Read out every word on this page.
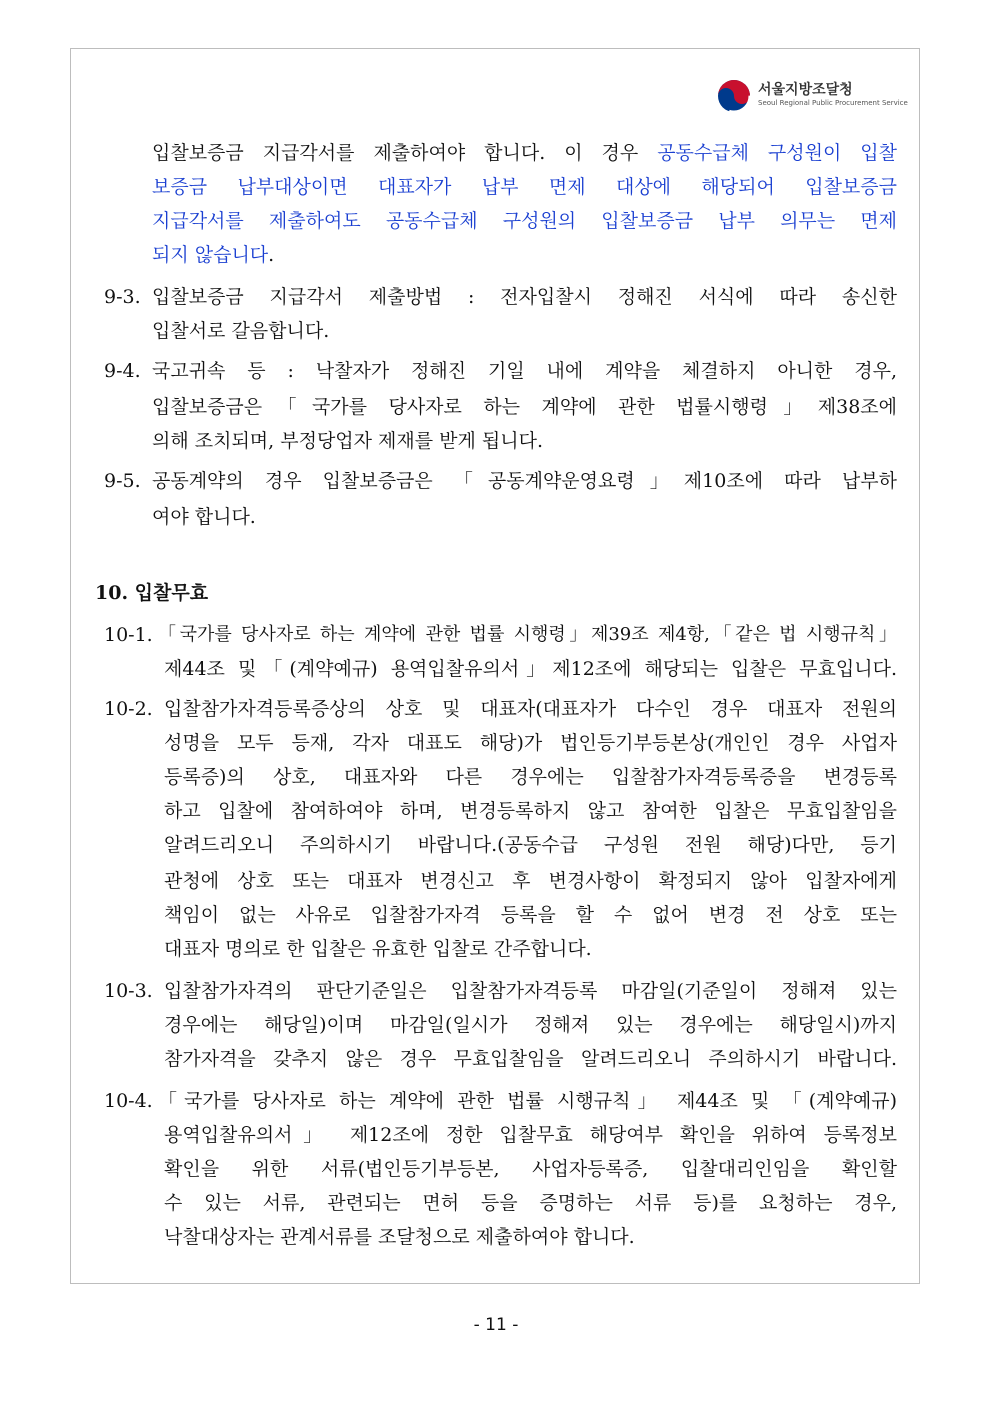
서울지방조달청
Seoul Regional Public Procurement Service
입찰보증금 지급각서를 제출하여야 합니다. 이 경우 공동수급체 구성원이 입찰
보증금 납부대상이면 대표자가 납부 면제 대상에 해당되어 입찰보증금
지급각서를 제출하여도 공동수급체 구성원의 입찰보증금 납부 의무는 면제
되지 않습니다.
9-3. 입찰보증금 지급각서 제출방법 : 전자입찰시 정해진 서식에 따라 송신한
입찰서로 갈음합니다.
9-4. 국고귀속 등 : 낙찰자가 정해진 기일 내에 계약을 체결하지 아니한 경우,
입찰보증금은「국가를 당사자로 하는 계약에 관한 법률시행령」제38조에
의해 조치되며, 부정당업자 제재를 받게 됩니다.
9-5. 공동계약의 경우 입찰보증금은 「공동계약운영요령」제10조에 따라 납부하
여야 합니다.
10. 입찰무효
10-1. 「국가를 당사자로 하는 계약에 관한 법률 시행령」제39조 제4항,「같은 법 시행규칙」
제44조 및「(계약예규) 용역입찰유의서」제12조에 해당되는 입찰은 무효입니다.
10-2. 입찰참가자격등록증상의 상호 및 대표자(대표자가 다수인 경우 대표자 전원의
성명을 모두 등재, 각자 대표도 해당)가 법인등기부등본상(개인인 경우 사업자
등록증)의 상호, 대표자와 다른 경우에는 입찰참가자격등록증을 변경등록
하고 입찰에 참여하여야 하며, 변경등록하지 않고 참여한 입찰은 무효입찰임을
알려드리오니 주의하시기 바랍니다.(공동수급 구성원 전원 해당)다만, 등기
관청에 상호 또는 대표자 변경신고 후 변경사항이 확정되지 않아 입찰자에게
책임이 없는 사유로 입찰참가자격 등록을 할 수 없어 변경 전 상호 또는
대표자 명의로 한 입찰은 유효한 입찰로 간주합니다.
10-3. 입찰참가자격의 판단기준일은 입찰참가자격등록 마감일(기준일이 정해져 있는
경우에는 해당일)이며 마감일(일시가 정해져 있는 경우에는 해당일시)까지
참가자격을 갖추지 않은 경우 무효입찰임을 알려드리오니 주의하시기 바랍니다.
10-4. 「국가를 당사자로 하는 계약에 관한 법률 시행규칙」 제44조 및 「(계약예규)
용역입찰유의서」 제12조에 정한 입찰무효 해당여부 확인을 위하여 등록정보
확인을 위한 서류(법인등기부등본, 사업자등록증, 입찰대리인임을 확인할
수 있는 서류, 관련되는 면허 등을 증명하는 서류 등)를 요청하는 경우,
낙찰대상자는 관계서류를 조달청으로 제출하여야 합니다.
- 11 -
